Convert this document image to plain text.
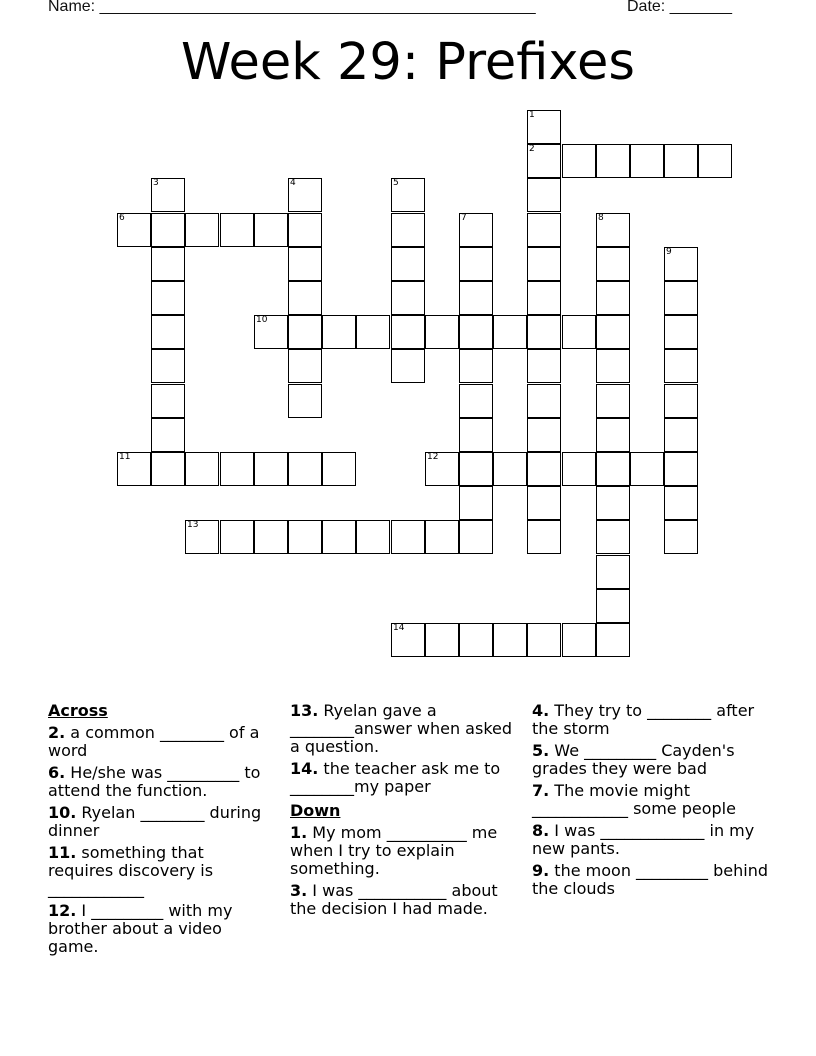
Name: _________________________________________________	Date: _______
Week 29: Prefixes
2
6
10
11	12
13
14
1
3	4	5
7	8
9
Across
2. a common ________ of a word
6. He/she was _________ to attend the function.
10. Ryelan ________ during dinner
11. something that requires discovery is ____________
12. I _________ with my brother about a video game.
13. Ryelan gave a ________answer when asked a question.
14. the teacher ask me to ________my paper
Down
1. My mom __________ me when I try to explain something.
3. I was ___________ about the decision I had made.
4. They try to ________ after the storm
5. We _________ Cayden's grades they were bad
7. The movie might ____________ some people
8. I was _____________ in my new pants.
9. the moon _________ behind the clouds
